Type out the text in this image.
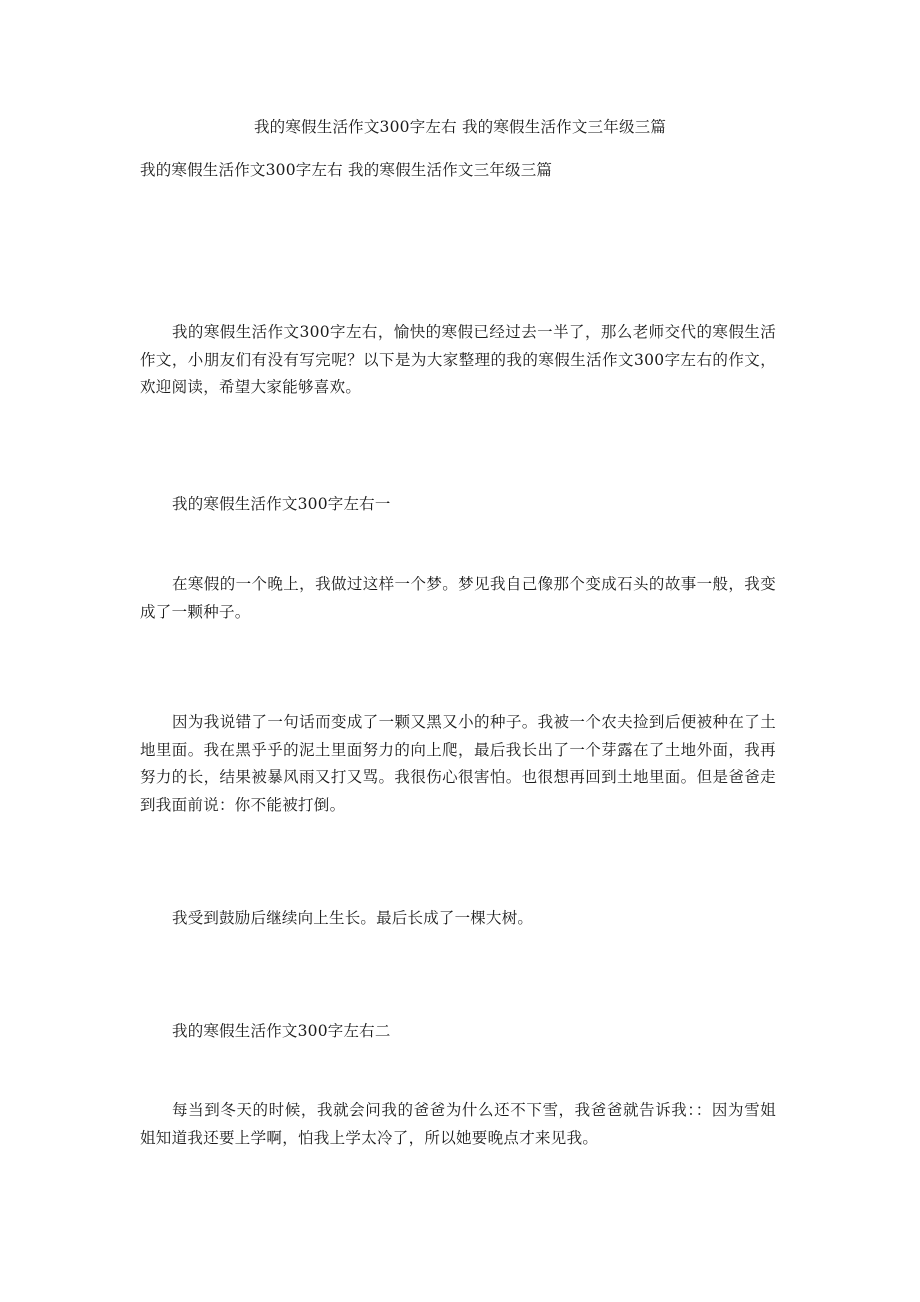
我的寒假生活作文300字左右 我的寒假生活作文三年级三篇
我的寒假生活作文300字左右 我的寒假生活作文三年级三篇

我的寒假生活作文300字左右，愉快的寒假已经过去一半了，那么老师交代的寒假生活作文，小朋友们有没有写完呢？以下是为大家整理的我的寒假生活作文300字左右的作文，欢迎阅读，希望大家能够喜欢。

我的寒假生活作文300字左右一

在寒假的一个晚上，我做过这样一个梦。梦见我自己像那个变成石头的故事一般，我变成了一颗种子。

因为我说错了一句话而变成了一颗又黑又小的种子。我被一个农夫捡到后便被种在了土地里面。我在黑乎乎的泥土里面努力的向上爬，最后我长出了一个芽露在了土地外面，我再努力的长，结果被暴风雨又打又骂。我很伤心很害怕。也很想再回到土地里面。但是爸爸走到我面前说：你不能被打倒。

我受到鼓励后继续向上生长。最后长成了一棵大树。

我的寒假生活作文300字左右二

每当到冬天的时候，我就会问我的爸爸为什么还不下雪，我爸爸就告诉我：：因为雪姐姐知道我还要上学啊，怕我上学太冷了，所以她要晚点才来见我。
